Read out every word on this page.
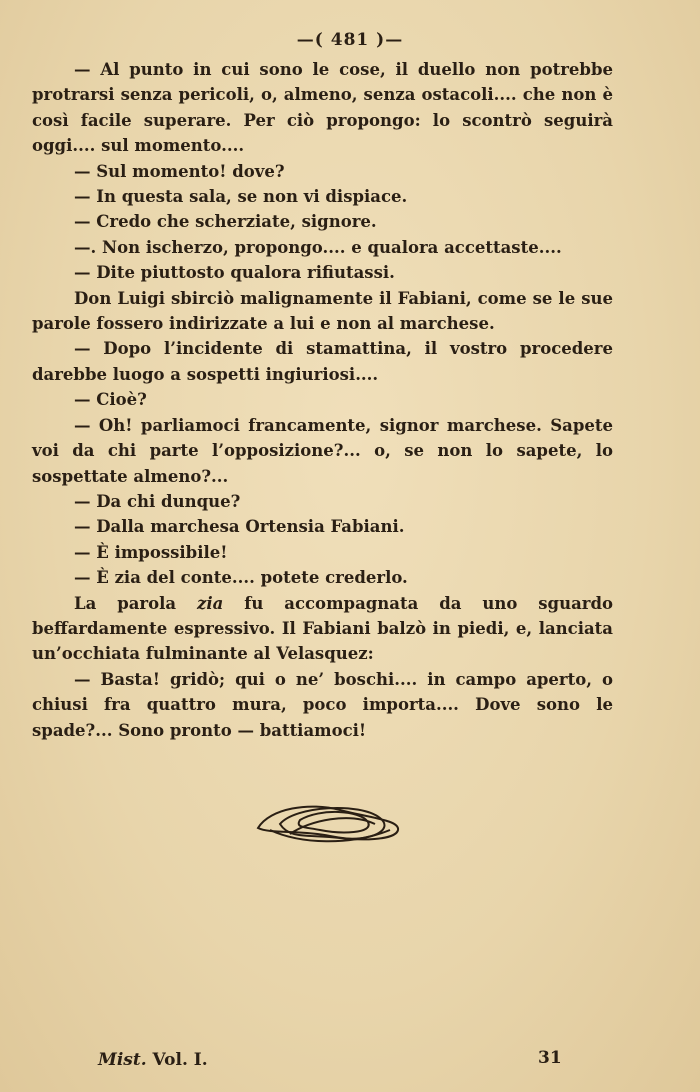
—( 481 )—

— Al punto in cui sono le cose, il duello non potrebbe protrarsi senza pericoli, o, almeno, senza ostacoli.... che non è così facile superare. Per ciò propongo: lo scontrò seguirà oggi.... sul momento....

— Sul momento! dove?

— In questa sala, se non vi dispiace.

— Credo che scherziate, signore.

—. Non ischerzo, propongo.... e qualora accettaste....

— Dite piuttosto qualora rifiutassi.

Don Luigi sbirciò malignamente il Fabiani, come se le sue parole fossero indirizzate a lui e non al marchese.

— Dopo l’incidente di stamattina, il vostro procedere darebbe luogo a sospetti ingiuriosi....

— Cioè?

— Oh! parliamoci francamente, signor marchese. Sapete voi da chi parte l’opposizione?... o, se non lo sapete, lo sospettate almeno?...

— Da chi dunque?

— Dalla marchesa Ortensia Fabiani.

— È impossibile!

— È zia del conte.... potete crederlo.

La parola zia fu accompagnata da uno sguardo beffardamente espressivo. Il Fabiani balzò in piedi, e, lanciata un’occhiata fulminante al Velasquez:

— Basta! gridò; qui o ne’ boschi.... in campo aperto, o chiusi fra quattro mura, poco importa.... Dove sono le spade?... Sono pronto — battiamoci!

Mist. Vol. I.	31
